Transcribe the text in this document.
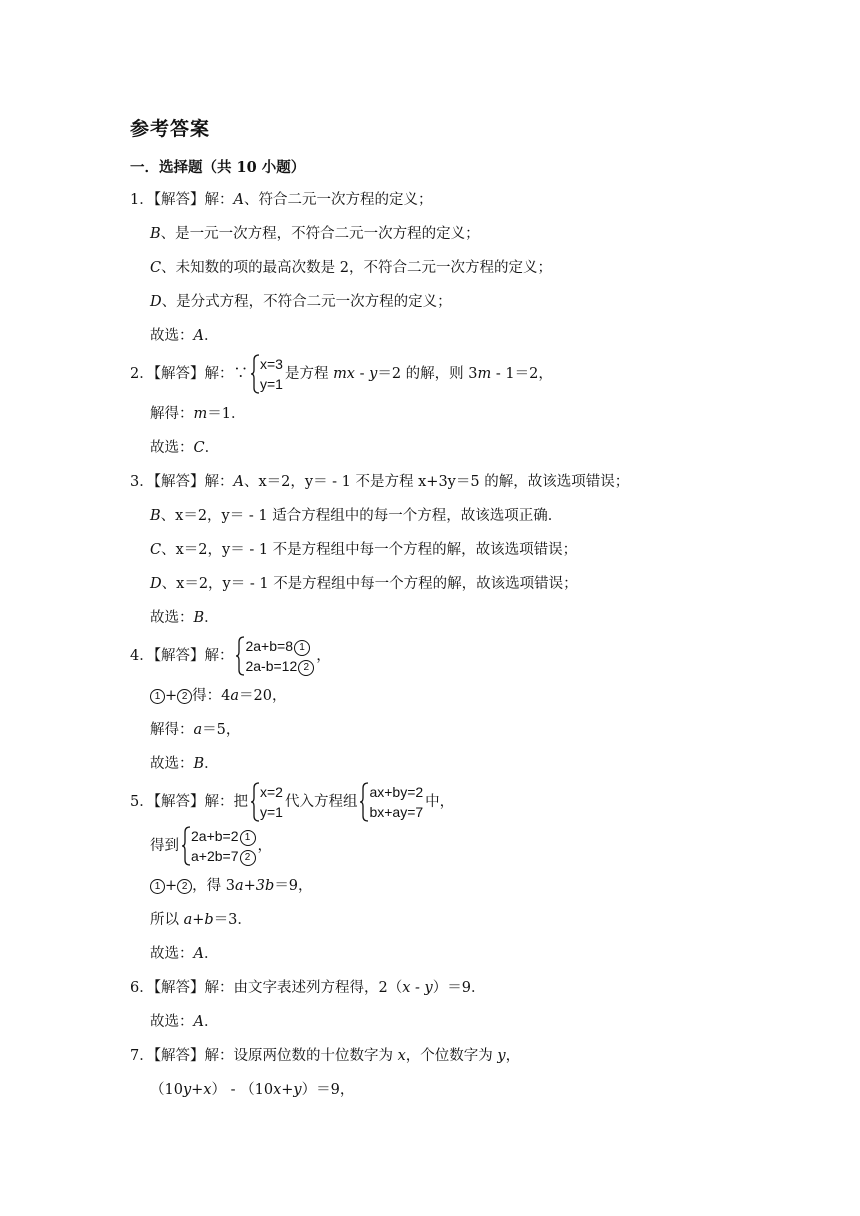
参考答案
一．选择题（共 10 小题）
1．【解答】解：A、符合二元一次方程的定义；
B、是一元一次方程，不符合二元一次方程的定义；
C、未知数的项的最高次数是 2，不符合二元一次方程的定义；
D、是分式方程，不符合二元一次方程的定义；
故选：A．
2．【解答】解：∵
x=3
y=1
是方程 mx - y＝2 的解，则 3m - 1＝2，
解得：m＝1．
故选：C．
3．【解答】解：A、x＝2，y＝ - 1 不是方程 x+3y＝5 的解，故该选项错误；
B、x＝2，y＝ - 1 适合方程组中的每一个方程，故该选项正确．
C、x＝2，y＝ - 1 不是方程组中每一个方程的解，故该选项错误；
D、x＝2，y＝ - 1 不是方程组中每一个方程的解，故该选项错误；
故选：B．
4．【解答】解：
2a+b=8 1
2a-b=12 2
，
1 + 2 得：4a＝20，
解得：a＝5，
故选：B．
5．【解答】解：把
x=2
y=1
代入方程组
ax+by=2
bx+ay=7
中，
得到
2a+b=2 1
a+2b=7 2
，
1 + 2 ，得 3a+3b＝9，
所以 a+b＝3．
故选：A．
6．【解答】解：由文字表述列方程得，2（x - y）＝9．
故选：A．
7．【解答】解：设原两位数的十位数字为 x，个位数字为 y，
（10y+x） - （10x+y）＝9，
